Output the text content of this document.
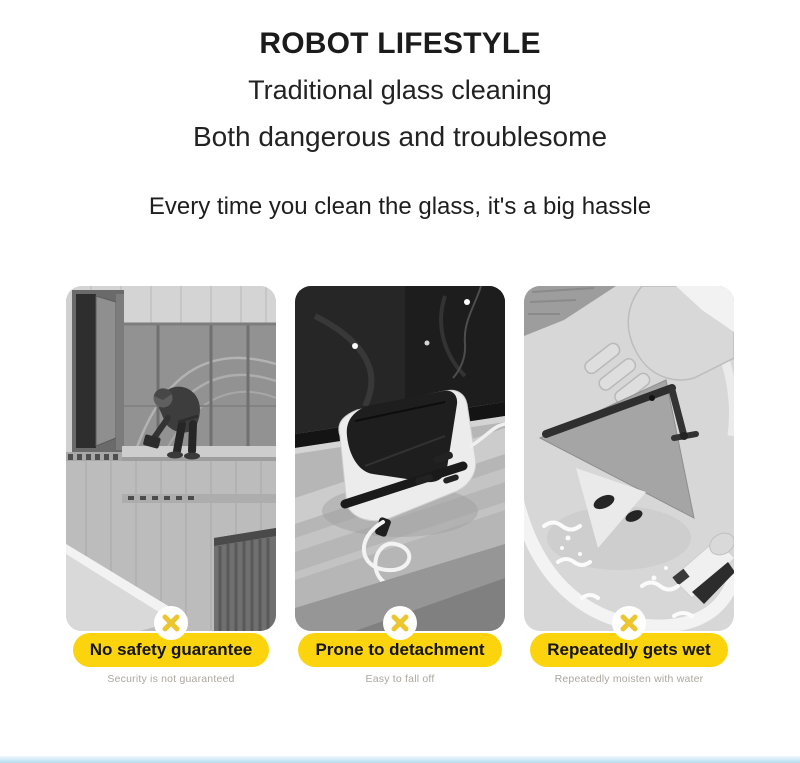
ROBOT LIFESTYLE
Traditional glass cleaning
Both dangerous and troublesome

Every time you clean the glass, it's a big hassle

No safety guarantee
Security is not guaranteed
Prone to detachment
Easy to fall off
Repeatedly gets wet
Repeatedly moisten with water
